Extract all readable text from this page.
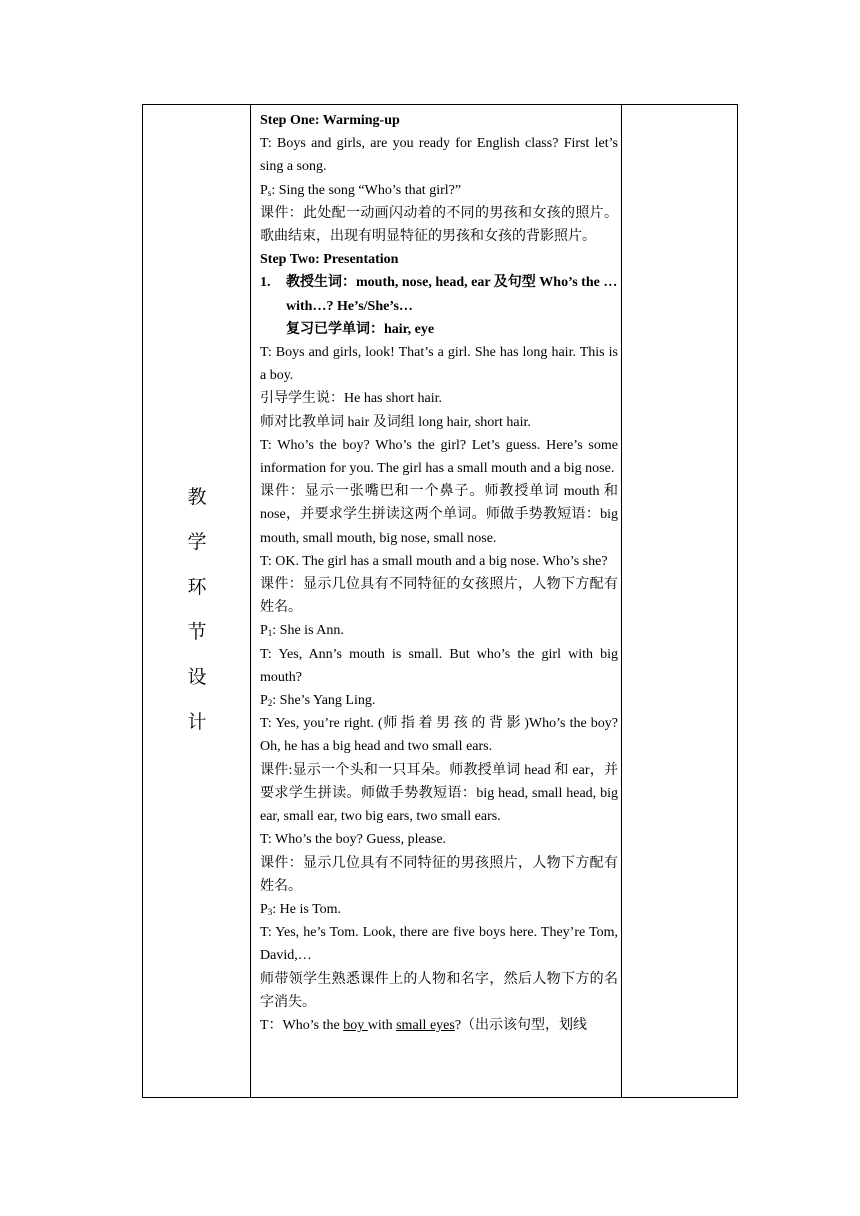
教
学
环
节
设
计

Step One: Warming-up

T: Boys and girls, are you ready for English class? First let’s sing a song.

$P_s$: Sing the song “Who’s that girl?”

课件：此处配一动画闪动着的不同的男孩和女孩的照片。歌曲结束，出现有明显特征的男孩和女孩的背影照片。

Step Two: Presentation

1.	教授生词：mouth, nose, head, ear 及句型 Who’s the … with…? He’s/She’s…

复习已学单词：hair, eye

T: Boys and girls, look! That’s a girl. She has long hair. This is a boy.

引导学生说：He has short hair.

师对比教单词 hair 及词组 long hair, short hair.

T: Who’s the boy? Who’s the girl? Let’s guess. Here’s some information for you. The girl has a small mouth and a big nose.

课件：显示一张嘴巴和一个鼻子。师教授单词 mouth 和 nose，并要求学生拼读这两个单词。师做手势教短语：big mouth, small mouth, big nose, small nose.

T: OK. The girl has a small mouth and a big nose. Who’s she?

课件：显示几位具有不同特征的女孩照片，人物下方配有姓名。

$P_1$: She is Ann.

T: Yes, Ann’s mouth is small. But who’s the girl with big mouth?

$P_2$: She’s Yang Ling.

T: Yes, you’re right. (师指着男孩的背影)Who’s the boy? Oh, he has a big head and two small ears.

课件:显示一个头和一只耳朵。师教授单词 head 和 ear，并要求学生拼读。师做手势教短语：big head, small head, big ear, small ear, two big ears, two small ears.

T: Who’s the boy? Guess, please.

课件：显示几位具有不同特征的男孩照片，人物下方配有姓名。

$P_3$: He is Tom.

T: Yes, he’s Tom. Look, there are five boys here. They’re Tom, David,…

师带领学生熟悉课件上的人物和名字，然后人物下方的名字消失。

T：Who’s the boy with small eyes?（出示该句型，划线
